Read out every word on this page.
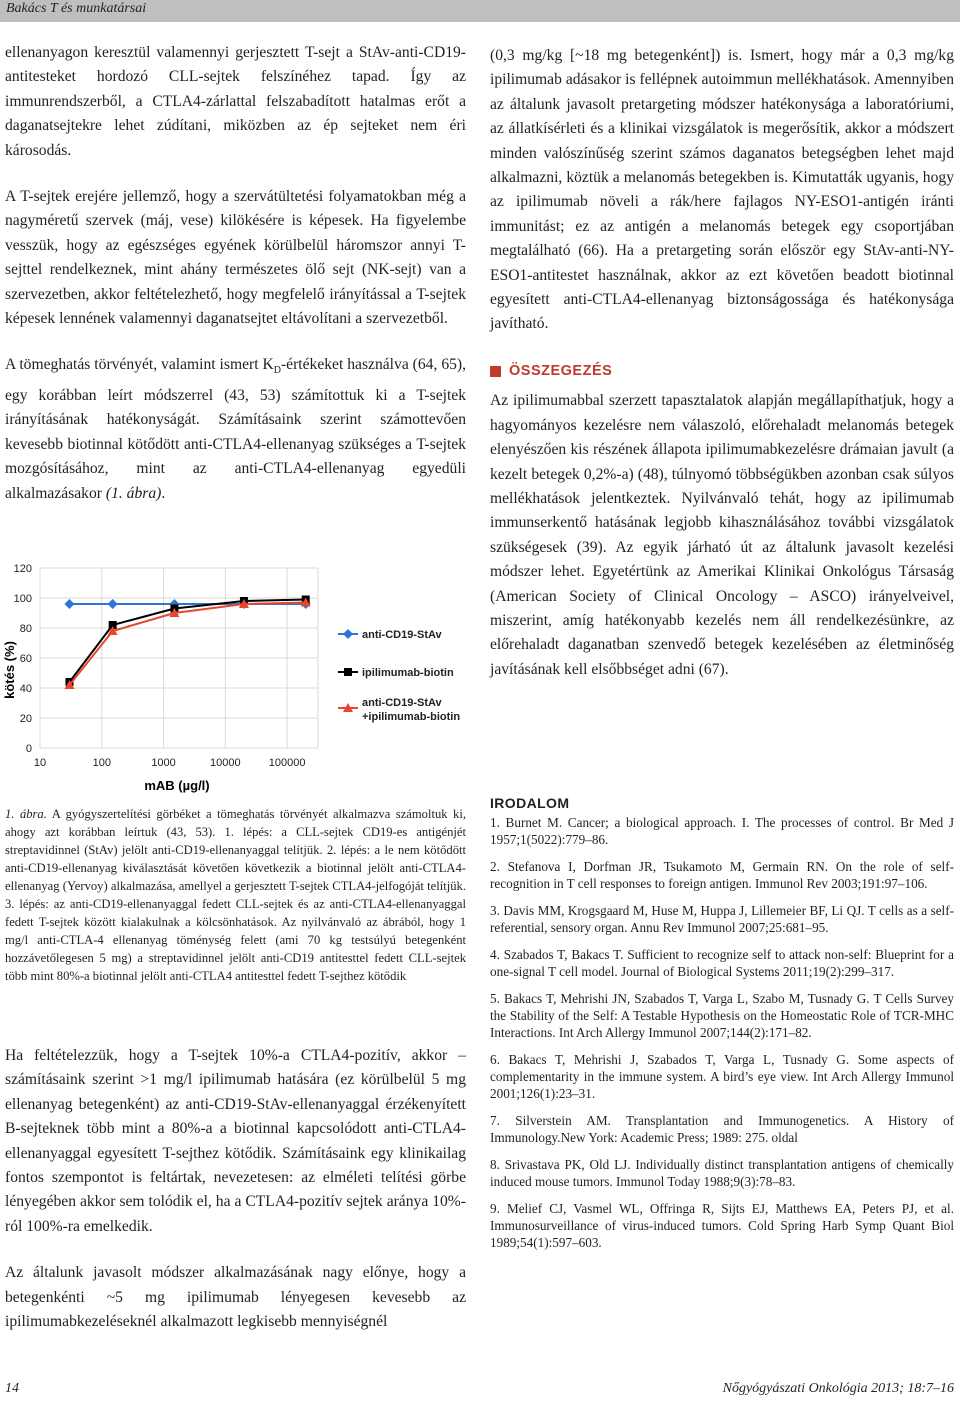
Bakács T és munkatársai

ellenanyagon keresztül valamennyi gerjesztett T-sejt a StAv-anti-CD19-antitesteket hordozó CLL-sejtek felszínéhez tapad. Így az immunrendszerből, a CTLA4-zárlattal felszabadított hatalmas erőt a daganatsejtekre lehet zúdítani, miközben az ép sejteket nem éri károsodás.

A T-sejtek erejére jellemző, hogy a szervátültetési folyamatokban még a nagyméretű szervek (máj, vese) kilökésére is képesek. Ha figyelembe vesszük, hogy az egészséges egyének körülbelül háromszor annyi T-sejttel rendelkeznek, mint ahány természetes ölő sejt (NK-sejt) van a szervezetben, akkor feltételezhető, hogy megfelelő irányítással a T-sejtek képesek lennének valamennyi daganatsejtet eltávolítani a szervezetből.

A tömeghatás törvényét, valamint ismert $K_D$-értékeket használva (64, 65), egy korábban leírt módszerrel (43, 53) számítottuk ki a T-sejtek irányításának hatékonyságát. Számításaink szerint számottevően kevesebb biotinnal kötődött anti-CTLA4-ellenanyag szükséges a T-sejtek mozgósításához, mint az anti-CTLA4-ellenanyag egyedüli alkalmazásakor (1. ábra).

0
20
40
60
80
100
120
10	100	1000	10000	100000
anti-CD19-StAv
ipilimumab-biotin
anti-CD19-StAv +ipilimumab-biotin
kötés (%)
mAB (µg/l)
1. ábra. A gyógyszertelítési görbéket a tömeghatás törvényét alkalmazva számoltuk ki, ahogy azt korábban leírtuk (43, 53). 1. lépés: a CLL-sejtek CD19-es antigénjét streptavidinnel (StAv) jelölt anti-CD19-ellenanyaggal telítjük. 2. lépés: a le nem kötődött anti-CD19-ellenanyag kiválasztását követően következik a biotinnal jelölt anti-CTLA4-ellenanyag (Yervoy) alkalmazása, amellyel a gerjesztett T-sejtek CTLA4-jelfogóját telítjük. 3. lépés: az anti-CD19-ellenanyaggal fedett CLL-sejtek és az anti-CTLA4-ellenanyaggal fedett T-sejtek között kialakulnak a kölcsönhatások. Az nyilvánvaló az ábrából, hogy 1 mg/l anti-CTLA-4 ellenanyag töménység felett (ami 70 kg testsúlyú betegenként hozzávetőlegesen 5 mg) a streptavidinnel jelölt anti-CD19 antitesttel fedett CLL-sejtek több mint 80%-a biotinnal jelölt anti-CTLA4 antitesttel fedett T-sejthez kötődik

Ha feltételezzük, hogy a T-sejtek 10%-a CTLA4-pozitív, akkor – számításaink szerint >1 mg/l ipilimumab hatására (ez körülbelül 5 mg ellenanyag betegenként) az anti-CD19-StAv-ellenanyaggal érzékenyített B-sejteknek több mint a 80%-a a biotinnal kapcsolódott anti-CTLA4-ellenanyaggal egyesített T-sejthez kötődik. Számításaink egy klinikailag fontos szempontot is feltártak, nevezetesen: az elméleti telítési görbe lényegében akkor sem tolódik el, ha a CTLA4-pozitív sejtek aránya 10%-ról 100%-ra emelkedik.

Az általunk javasolt módszer alkalmazásának nagy előnye, hogy a betegenkénti ~5 mg ipilimumab lényegesen kevesebb az ipilimumabkezeléseknél alkalmazott legkisebb mennyiségnél

(0,3 mg/kg [~18 mg betegenként]) is. Ismert, hogy már a 0,3 mg/kg ipilimumab adásakor is fellépnek autoimmun mellékhatások. Amennyiben az általunk javasolt pretargeting módszer hatékonysága a laboratóriumi, az állatkísérleti és a klinikai vizsgálatok is megerősítik, akkor a módszert minden valószínűség szerint számos daganatos betegségben lehet majd alkalmazni, köztük a melanomás betegekben is. Kimutatták ugyanis, hogy az ipilimumab növeli a rák/here fajlagos NY-ESO1-antigén iránti immunitást; ez az antigén a melanomás betegek egy csoportjában megtalálható (66). Ha a pretargeting során először egy StAv-anti-NY-ESO1-antitestet használnak, akkor az ezt követően beadott biotinnal egyesített anti-CTLA4-ellenanyag biztonságossága és hatékonysága javítható.

ÖSSZEGEZÉS

Az ipilimumabbal szerzett tapasztalatok alapján megállapíthatjuk, hogy a hagyományos kezelésre nem válaszoló, előrehaladt melanomás betegek elenyészően kis részének állapota ipilimumabkezelésre drámaian javult (a kezelt betegek 0,2%-a) (48), túlnyomó többségükben azonban csak súlyos mellékhatások jelentkeztek. Nyilvánvaló tehát, hogy az ipilimumab immunserkentő hatásának legjobb kihasználásához további vizsgálatok szükségesek (39). Az egyik járható út az általunk javasolt kezelési módszer lehet. Egyetértünk az Amerikai Klinikai Onkológus Társaság (American Society of Clinical Oncology – ASCO) irányelveivel, miszerint, amíg hatékonyabb kezelés nem áll rendelkezésünkre, az előrehaladt daganatban szenvedő betegek kezelésében az életminőség javításának kell elsőbbséget adni (67).

IRODALOM
1. Burnet M. Cancer; a biological approach. I. The processes of control. Br Med J 1957;1(5022):779–86.
2. Stefanova I, Dorfman JR, Tsukamoto M, Germain RN. On the role of self-recognition in T cell responses to foreign antigen. Immunol Rev 2003;191:97–106.
3. Davis MM, Krogsgaard M, Huse M, Huppa J, Lillemeier BF, Li QJ. T cells as a self-referential, sensory organ. Annu Rev Immunol 2007;25:681–95.
4. Szabados T, Bakacs T. Sufficient to recognize self to attack non-self: Blueprint for a one-signal T cell model. Journal of Biological Systems 2011;19(2):299–317.
5. Bakacs T, Mehrishi JN, Szabados T, Varga L, Szabo M, Tusnady G. T Cells Survey the Stability of the Self: A Testable Hypothesis on the Homeostatic Role of TCR-MHC Interactions. Int Arch Allergy Immunol 2007;144(2):171–82.
6. Bakacs T, Mehrishi J, Szabados T, Varga L, Tusnady G. Some aspects of complementarity in the immune system. A bird’s eye view. Int Arch Allergy Immunol 2001;126(1):23–31.
7. Silverstein AM. Transplantation and Immunogenetics. A History of Immunology.New York: Academic Press; 1989: 275. oldal
8. Srivastava PK, Old LJ. Individually distinct transplantation antigens of chemically induced mouse tumors. Immunol Today 1988;9(3):78–83.
9. Melief CJ, Vasmel WL, Offringa R, Sijts EJ, Matthews EA, Peters PJ, et al. Immunosurveillance of virus-induced tumors. Cold Spring Harb Symp Quant Biol 1989;54(1):597–603.
14	Nőgyógyászati Onkológia 2013; 18:7–16
